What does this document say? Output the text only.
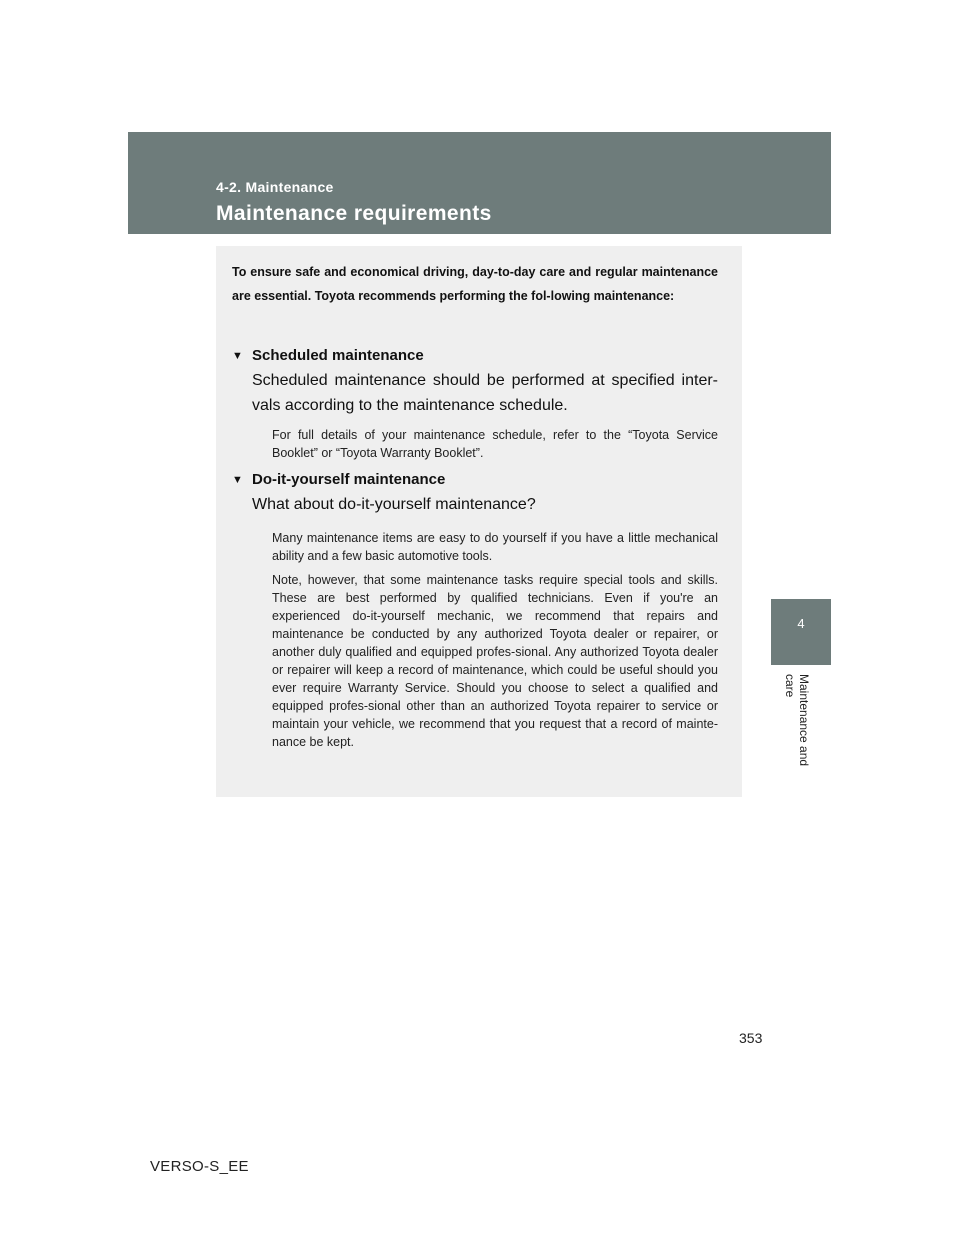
4-2. Maintenance
Maintenance requirements
4
Maintenance and care
To ensure safe and economical driving, day-to-day care and regular maintenance are essential. Toyota recommends performing the fol-lowing maintenance:
▼ Scheduled maintenance
Scheduled maintenance should be performed at specified inter-vals according to the maintenance schedule.
For full details of your maintenance schedule, refer to the “Toyota Service Booklet” or “Toyota Warranty Booklet”.
▼ Do-it-yourself maintenance
What about do-it-yourself maintenance?
Many maintenance items are easy to do yourself if you have a little mechanical ability and a few basic automotive tools.
Note, however, that some maintenance tasks require special tools and skills. These are best performed by qualified technicians. Even if you're an experienced do-it-yourself mechanic, we recommend that repairs and maintenance be conducted by any authorized Toyota dealer or repairer, or another duly qualified and equipped profes-sional. Any authorized Toyota dealer or repairer will keep a record of maintenance, which could be useful should you ever require Warranty Service. Should you choose to select a qualified and equipped profes-sional other than an authorized Toyota repairer to service or maintain your vehicle, we recommend that you request that a record of mainte-nance be kept.
353
VERSO-S_EE
